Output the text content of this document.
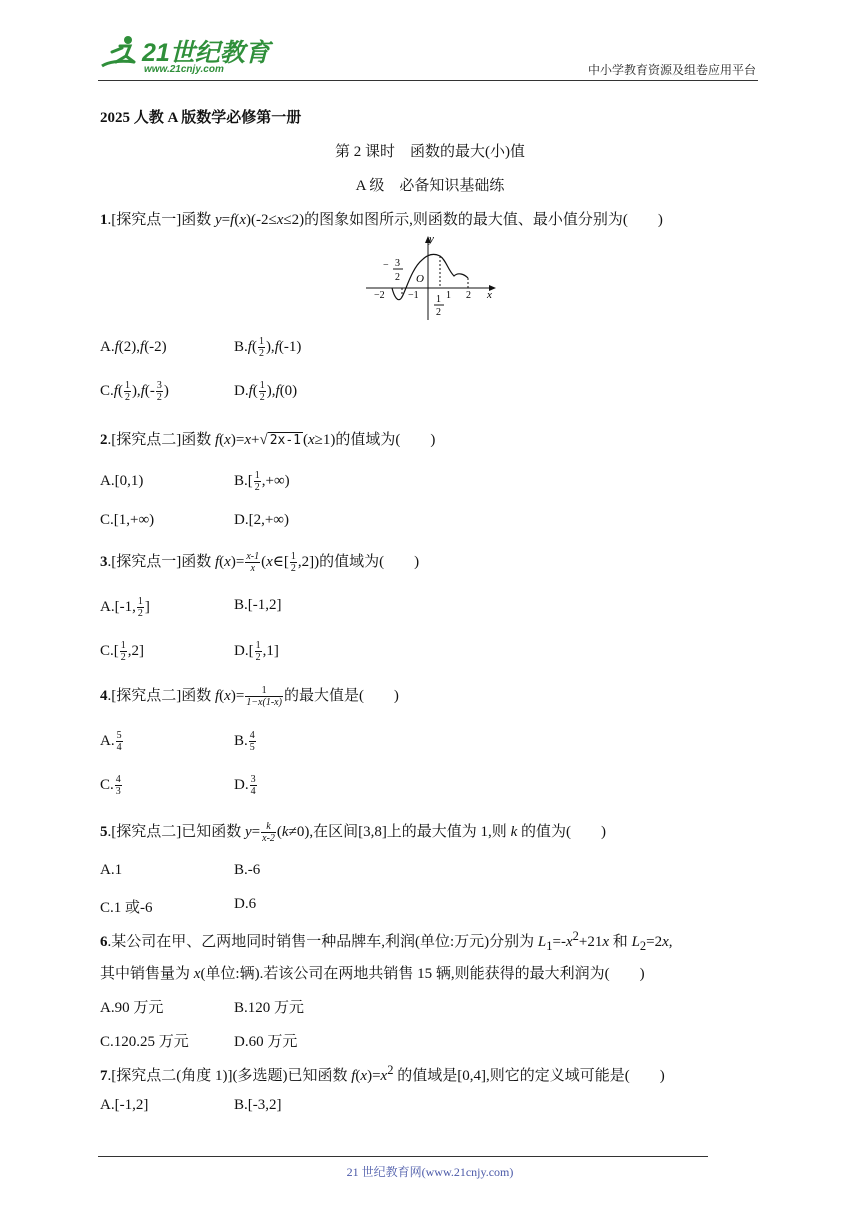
21世纪教育
www.21cnjy.com	中小学教育资源及组卷应用平台
2025 人教 A 版数学必修第一册
第 2 课时　函数的最大(小)值
A 级　必备知识基础练
1.[探究点一]函数 y=f(x)(-2≤x≤2)的图象如图所示,则函数的最大值、最小值分别为(　　)
y
x
O
−2 −1	1 2
− 3
2
1
2
A.f(2),f(-2)	$B.f( \frac{1}{2} ),f(-1)$
$C.f( \frac{1}{2} ),f(- \frac{3}{2}$ )	$D.f( \frac{1}{2} ),f(0)$
2.[探究点二]函数 f(x)=x+√ 2x-1 (x≥1)的值域为(　　)
A.[0,1)	$B.[ \frac{1}{2}$ ,+∞)
C.[1,+∞)	D.[2,+∞)
3.[探究点一]函数 $f(x)= \frac{x-1}{x}$ (x∈[ $\frac{1}{2} ,2$])的值域为(　　)
A.[-1, $\frac{1}{2}$ ]	B.[-1,2]
$C.[ \frac{1}{2} ,2]$	$D.[ \frac{1}{2} ,1]$
4.[探究点二]函数 $f(x)= \frac{1}{1-x(1-x)}$ 的最大值是(　　)
A. $\frac{5}{4}$	B. $\frac{4}{5}$
C. $\frac{4}{3}$	D. $\frac{3}{4}$
5.[探究点二]已知函数 $y= \frac{k}{x-2} (k\ne 0)$,在区间[3,8]上的最大值为 1,则 k 的值为(　　)
A.1	B.-6
C.1 或-6	D.6
6.某公司在甲、乙两地同时销售一种品牌车,利润(单位:万元)分别为 $L_1=-x^2+21x$ 和 $L_2=2x$,
其中销售量为 x(单位:辆).若该公司在两地共销售 15 辆,则能获得的最大利润为(　　)
A.90 万元	B.120 万元
C.120.25 万元	D.60 万元
7.[探究点二(角度 1)](多选题)已知函数 $f(x)=x^2$ 的值域是[0,4],则它的定义域可能是(　　)
A.[-1,2]	B.[-3,2]
21 世纪教育网(www.21cnjy.com)
